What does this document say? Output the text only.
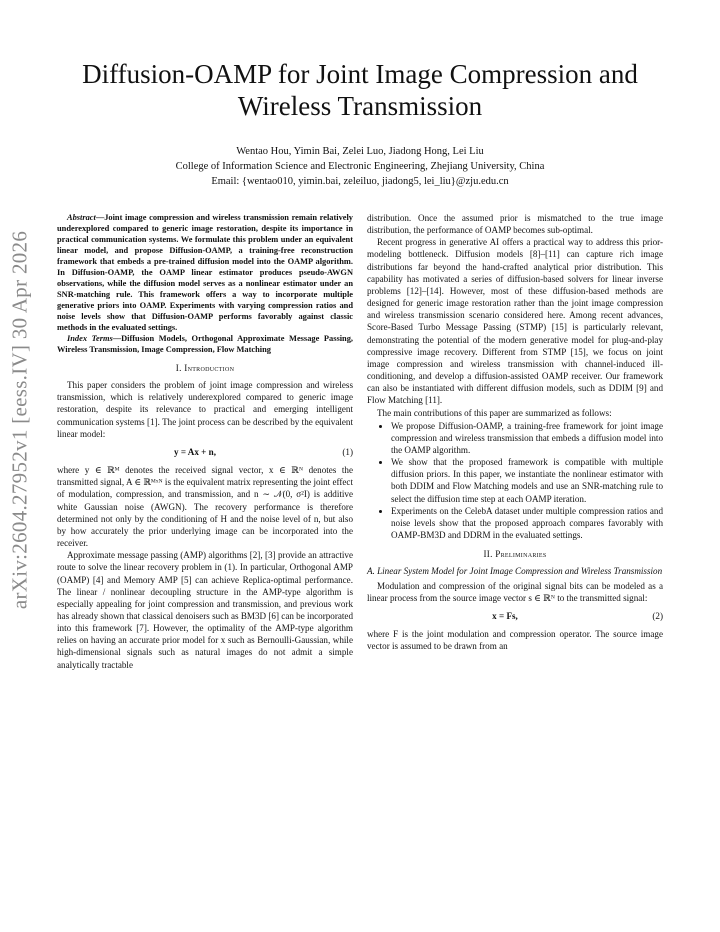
arXiv:2604.27952v1 [eess.IV] 30 Apr 2026
Diffusion-OAMP for Joint Image Compression and Wireless Transmission
Wentao Hou, Yimin Bai, Zelei Luo, Jiadong Hong, Lei Liu
College of Information Science and Electronic Engineering, Zhejiang University, China
Email: {wentao010, yimin.bai, zeleiluo, jiadong5, lei_liu}@zju.edu.cn

Abstract—Joint image compression and wireless transmission remain relatively underexplored compared to generic image restoration, despite its importance in practical communication systems. We formulate this problem under an equivalent linear model, and propose Diffusion-OAMP, a training-free reconstruction framework that embeds a pre-trained diffusion model into the OAMP algorithm. In Diffusion-OAMP, the OAMP linear estimator produces pseudo-AWGN observations, while the diffusion model serves as a nonlinear estimator under an SNR-matching rule. This framework offers a way to incorporate multiple generative priors into OAMP. Experiments with varying compression ratios and noise levels show that Diffusion-OAMP performs favorably against classic methods in the evaluated settings.

Index Terms—Diffusion Models, Orthogonal Approximate Message Passing, Wireless Transmission, Image Compression, Flow Matching

I. Introduction

This paper considers the problem of joint image compression and wireless transmission, which is relatively underexplored compared to generic image restoration, despite its relevance to practical and emerging intelligent communication systems [1]. The joint process can be described by the equivalent linear model:

y = Ax + n,	(1)

where y ∈ ℝᴹ denotes the received signal vector, x ∈ ℝᴺ denotes the transmitted signal, A ∈ ℝᴹˣᴺ is the equivalent matrix representing the joint effect of modulation, compression, and transmission, and n ∼ 𝒩(0, σ²I) is additive white Gaussian noise (AWGN). The recovery performance is therefore determined not only by the conditioning of H and the noise level of n, but also by how accurately the prior underlying image can be incorporated into the receiver.

Approximate message passing (AMP) algorithms [2], [3] provide an attractive route to solve the linear recovery problem in (1). In particular, Orthogonal AMP (OAMP) [4] and Memory AMP [5] can achieve Replica-optimal performance. The linear / nonlinear decoupling structure in the AMP-type algorithm is especially appealing for joint compression and transmission, and previous work has already shown that classical denoisers such as BM3D [6] can be incorporated into this framework [7]. However, the optimality of the AMP-type algorithm relies on having an accurate prior model for x such as Bernoulli-Gaussian, while high-dimensional signals such as natural images do not admit a simple analytically tractable

distribution. Once the assumed prior is mismatched to the true image distribution, the performance of OAMP becomes sub-optimal.

Recent progress in generative AI offers a practical way to address this prior-modeling bottleneck. Diffusion models [8]–[11] can capture rich image distributions far beyond the hand-crafted analytical prior distribution. This capability has motivated a series of diffusion-based solvers for linear inverse problems [12]–[14]. However, most of these diffusion-based methods are designed for generic image restoration rather than the joint image compression and wireless transmission scenario considered here. Among recent advances, Score-Based Turbo Message Passing (STMP) [15] is particularly relevant, demonstrating the potential of the modern generative model for plug-and-play compressive image recovery. Different from STMP [15], we focus on joint image compression and wireless transmission with channel-induced ill-conditioning, and develop a diffusion-assisted OAMP receiver. Our framework can also be instantiated with different diffusion models, such as DDIM [9] and Flow Matching [11].

The main contributions of this paper are summarized as follows:

• We propose Diffusion-OAMP, a training-free framework for joint image compression and wireless transmission that embeds a diffusion model into the OAMP algorithm.
• We show that the proposed framework is compatible with multiple diffusion priors. In this paper, we instantiate the nonlinear estimator with both DDIM and Flow Matching models and use an SNR-matching rule to select the diffusion time step at each OAMP iteration.
• Experiments on the CelebA dataset under multiple compression ratios and noise levels show that the proposed approach compares favorably with OAMP-BM3D and DDRM in the evaluated settings.
II. Preliminaries
A. Linear System Model for Joint Image Compression and Wireless Transmission

Modulation and compression of the original signal bits can be modeled as a linear process from the source image vector s ∈ ℝᴺ to the transmitted signal:

x = Fs,	(2)

where F is the joint modulation and compression operator. The source image vector is assumed to be drawn from an
